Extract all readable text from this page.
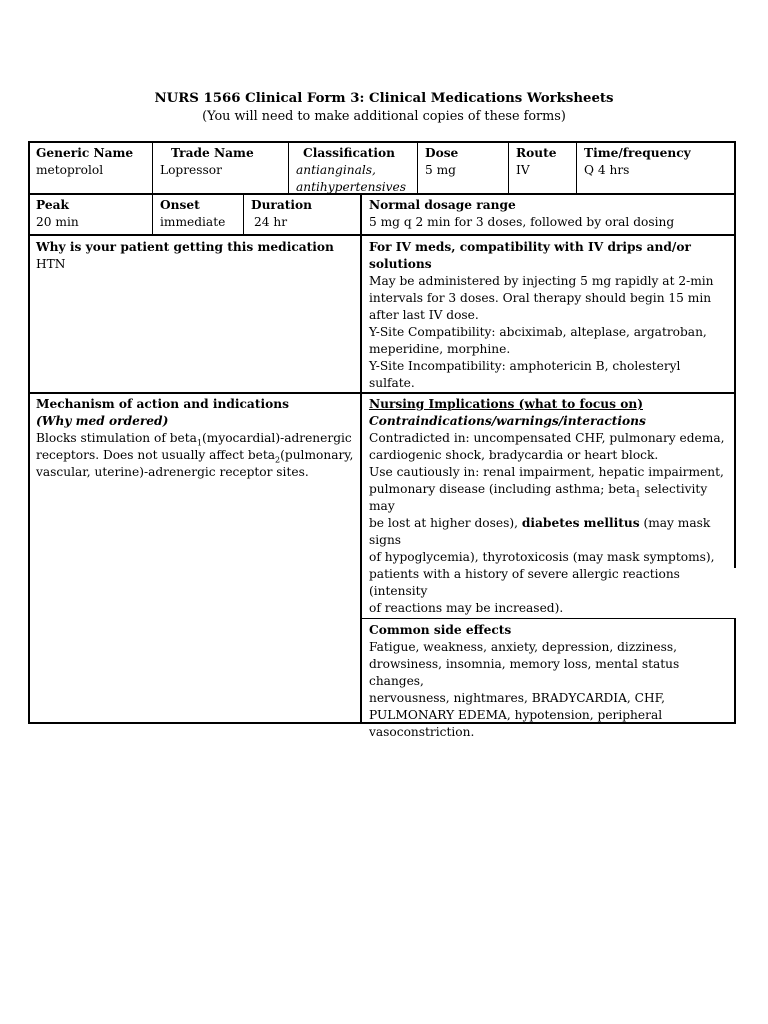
NURS 1566 Clinical Form 3: Clinical Medications Worksheets
(You will need to make additional copies of these forms)
Generic Name
metoprolol
Trade Name
Lopressor
Classification
antianginals,
antihypertensives
Dose
5 mg
Route
IV
Time/frequency
Q 4 hrs
Peak
20 min
Onset
immediate
Duration
24 hr
Normal dosage range
5 mg q 2 min for 3 doses, followed by oral dosing
Why is your patient getting this medication
HTN
For IV meds, compatibility with IV drips and/or
solutions
May be administered by injecting 5 mg rapidly at 2-min
intervals for 3 doses. Oral therapy should begin 15 min
after last IV dose.
Y-Site Compatibility: abciximab, alteplase, argatroban,
meperidine, morphine.
Y-Site Incompatibility: amphotericin B, cholesteryl
sulfate.
Mechanism of action and indications
(Why med ordered)
Blocks stimulation of beta$_1$(myocardial)-adrenergic
receptors. Does not usually affect beta$_2$(pulmonary,
vascular, uterine)-adrenergic receptor sites.
Nursing Implications (what to focus on)
Contraindications/warnings/interactions
Contradicted in: uncompensated CHF, pulmonary edema,
cardiogenic shock, bradycardia or heart block.
Use cautiously in: renal impairment, hepatic impairment,
pulmonary disease (including asthma; beta$_1$ selectivity may
be lost at higher doses), diabetes mellitus (may mask signs
of hypoglycemia), thyrotoxicosis (may mask symptoms),
patients with a history of severe allergic reactions (intensity
of reactions may be increased).
Common side effects
Fatigue, weakness, anxiety, depression, dizziness,
drowsiness, insomnia, memory loss, mental status changes,
nervousness, nightmares, BRADYCARDIA, CHF,
PULMONARY EDEMA, hypotension, peripheral
vasoconstriction.
